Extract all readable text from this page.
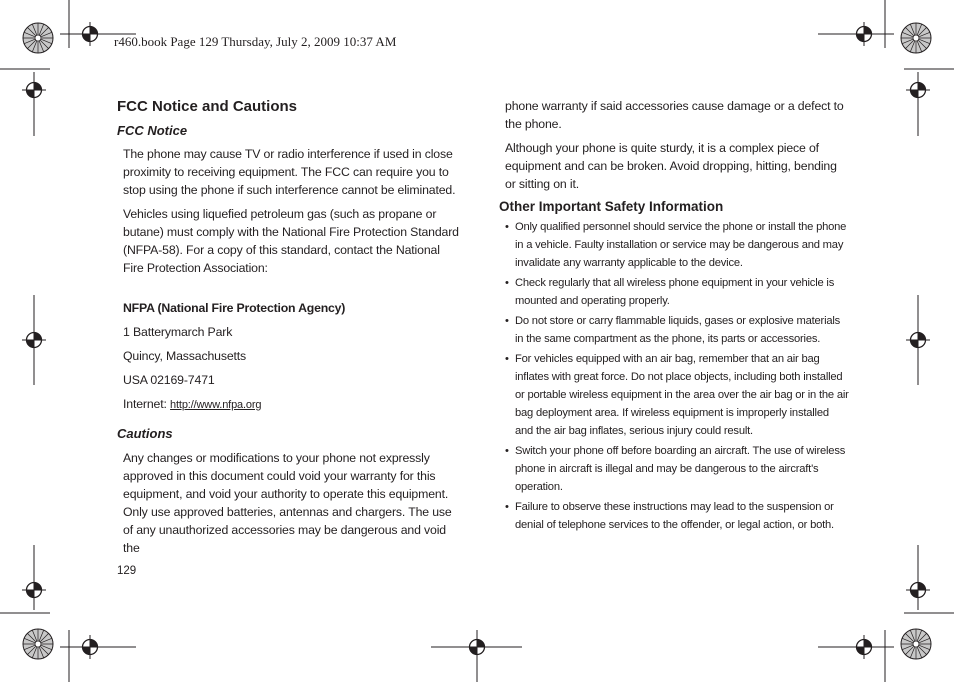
r460.book Page 129 Thursday, July 2, 2009 10:37 AM
FCC Notice and Cautions
FCC Notice

The phone may cause TV or radio interference if used in close proximity to receiving equipment. The FCC can require you to stop using the phone if such interference cannot be eliminated.

Vehicles using liquefied petroleum gas (such as propane or butane) must comply with the National Fire Protection Standard (NFPA-58). For a copy of this standard, contact the National Fire Protection Association:

NFPA (National Fire Protection Agency)
1 Batterymarch Park
Quincy, Massachusetts
USA 02169-7471
Internet: http://www.nfpa.org
Cautions

Any changes or modifications to your phone not expressly approved in this document could void your warranty for this equipment, and void your authority to operate this equipment. Only use approved batteries, antennas and chargers. The use of any unauthorized accessories may be dangerous and void the

phone warranty if said accessories cause damage or a defect to the phone.

Although your phone is quite sturdy, it is a complex piece of equipment and can be broken. Avoid dropping, hitting, bending or sitting on it.

Other Important Safety Information
• Only qualified personnel should service the phone or install the phone in a vehicle. Faulty installation or service may be dangerous and may invalidate any warranty applicable to the device.
• Check regularly that all wireless phone equipment in your vehicle is mounted and operating properly.
• Do not store or carry flammable liquids, gases or explosive materials in the same compartment as the phone, its parts or accessories.
• For vehicles equipped with an air bag, remember that an air bag inflates with great force. Do not place objects, including both installed or portable wireless equipment in the area over the air bag or in the air bag deployment area. If wireless equipment is improperly installed and the air bag inflates, serious injury could result.
• Switch your phone off before boarding an aircraft. The use of wireless phone in aircraft is illegal and may be dangerous to the aircraft's operation.
• Failure to observe these instructions may lead to the suspension or denial of telephone services to the offender, or legal action, or both.
129
